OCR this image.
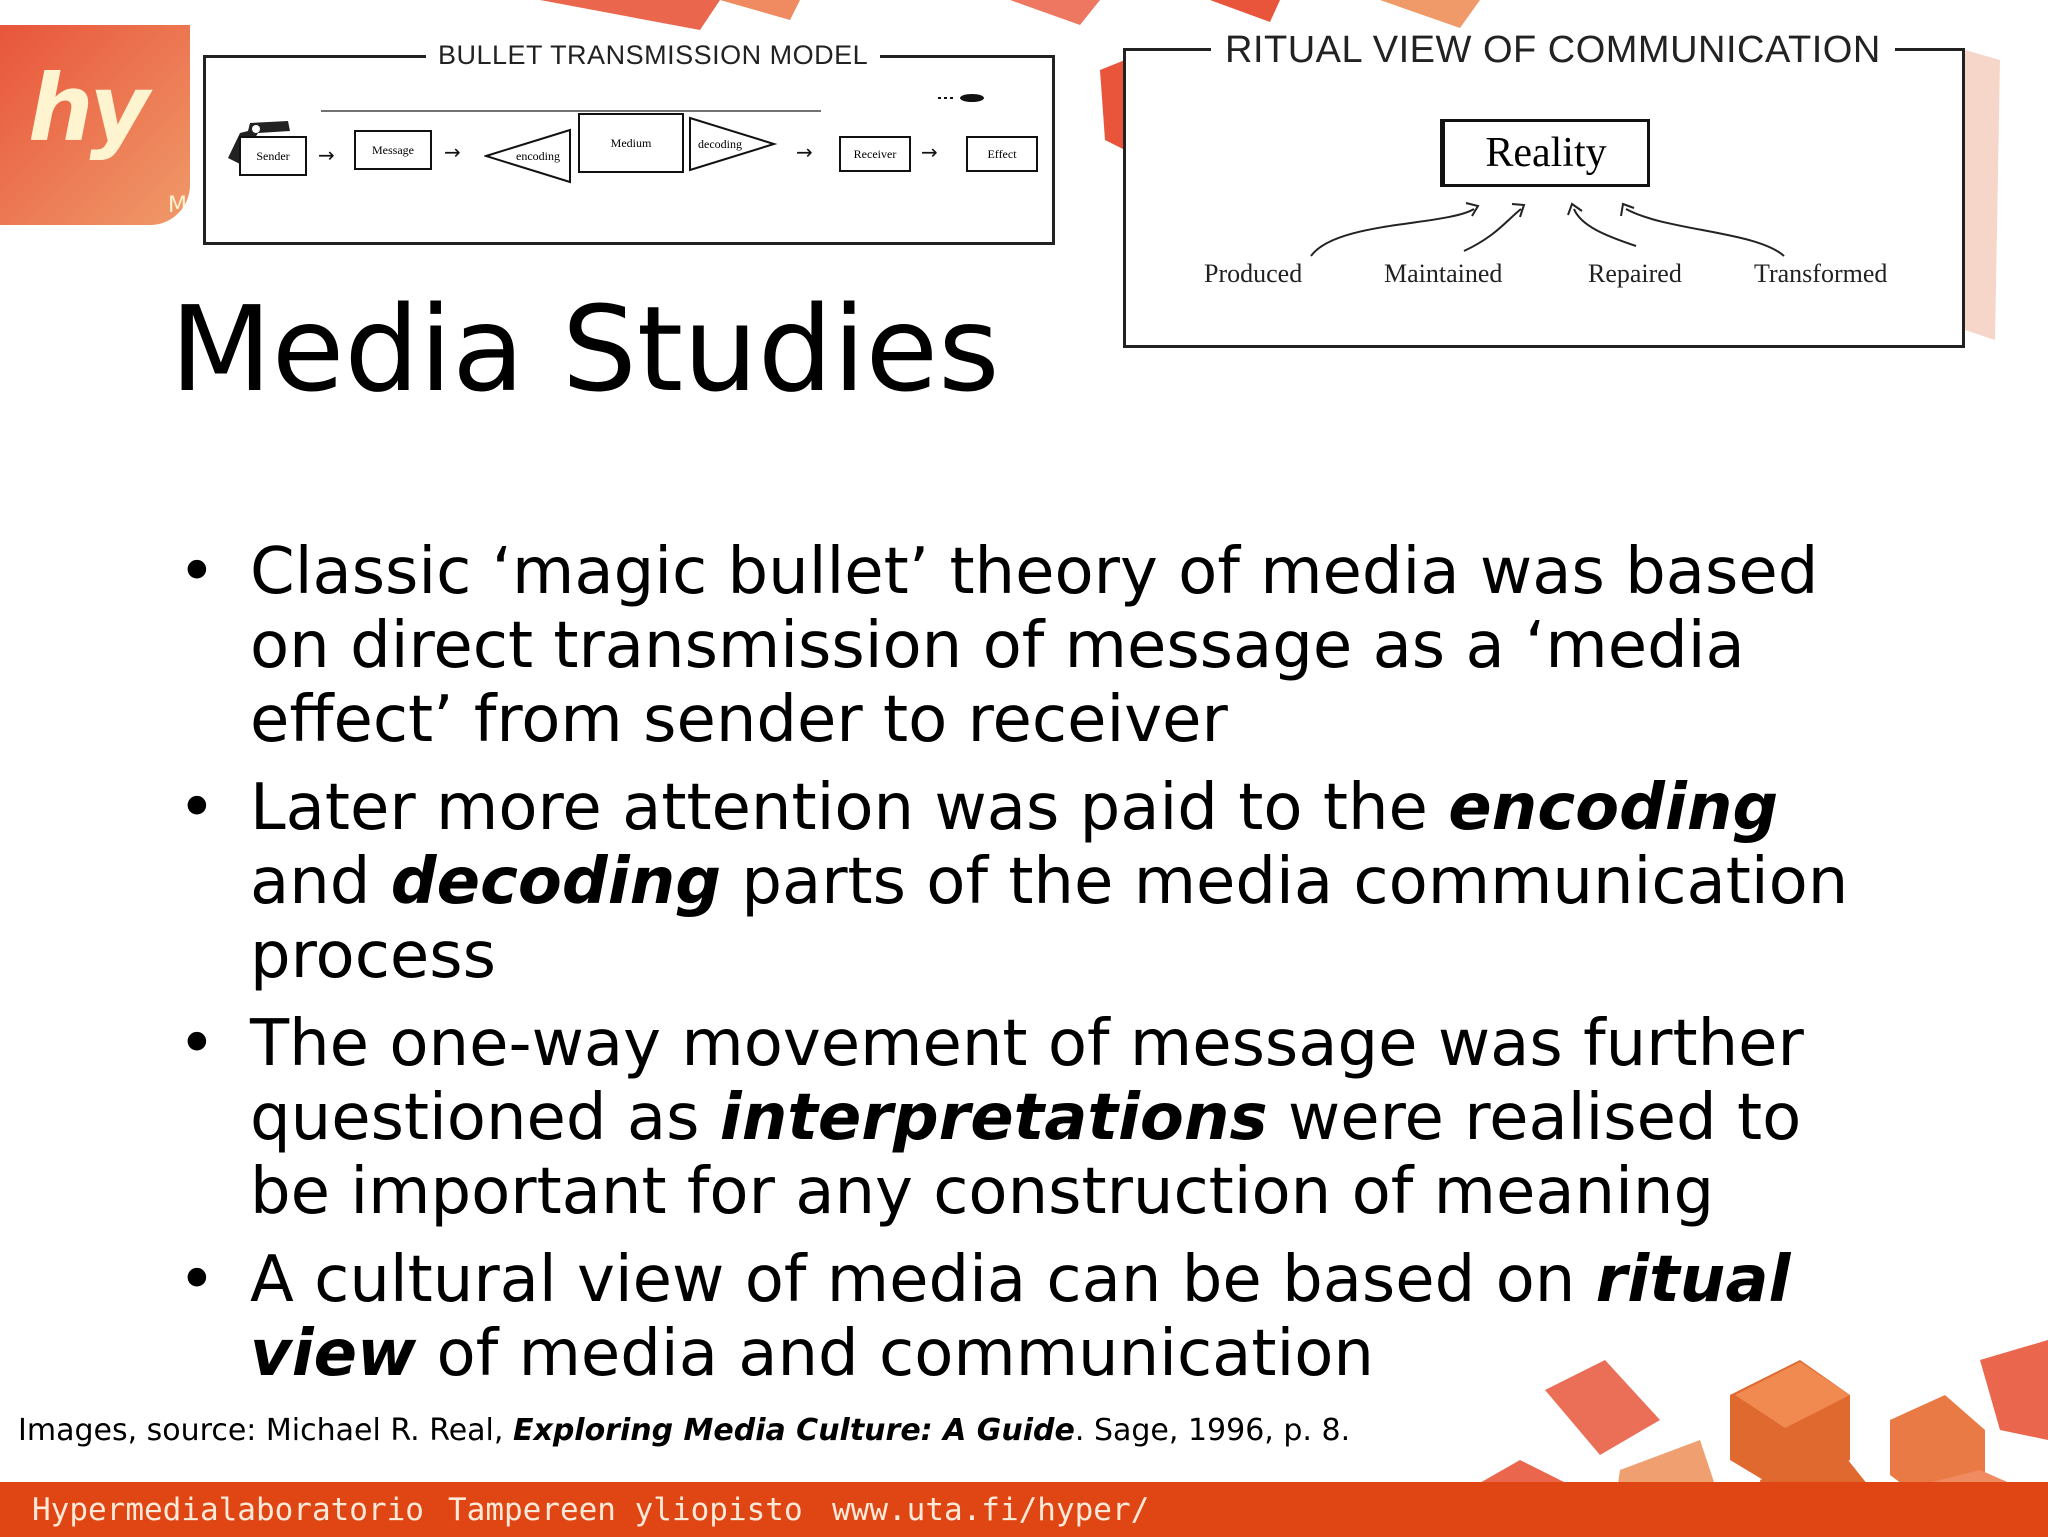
hy
M
BULLET TRANSMISSION MODEL
Sender →	Message →	encoding
Medium	decoding	→	Receiver →	Effect
RITUAL VIEW OF COMMUNICATION
Reality
Produced	Maintained	Repaired	Transformed
Media Studies
• Classic ‘magic bullet’ theory of media was based on direct transmission of message as a ‘media effect’ from sender to receiver
• Later more attention was paid to the encoding and decoding parts of the media communication process
• The one-way movement of message was further questioned as interpretations were realised to be important for any construction of meaning
• A cultural view of media can be based on ritual view of media and communication
Images, source: Michael R. Real, Exploring Media Culture: A Guide. Sage, 1996, p. 8.
Hypermedialaboratorio Tampereen yliopisto www.uta.fi/hyper/
